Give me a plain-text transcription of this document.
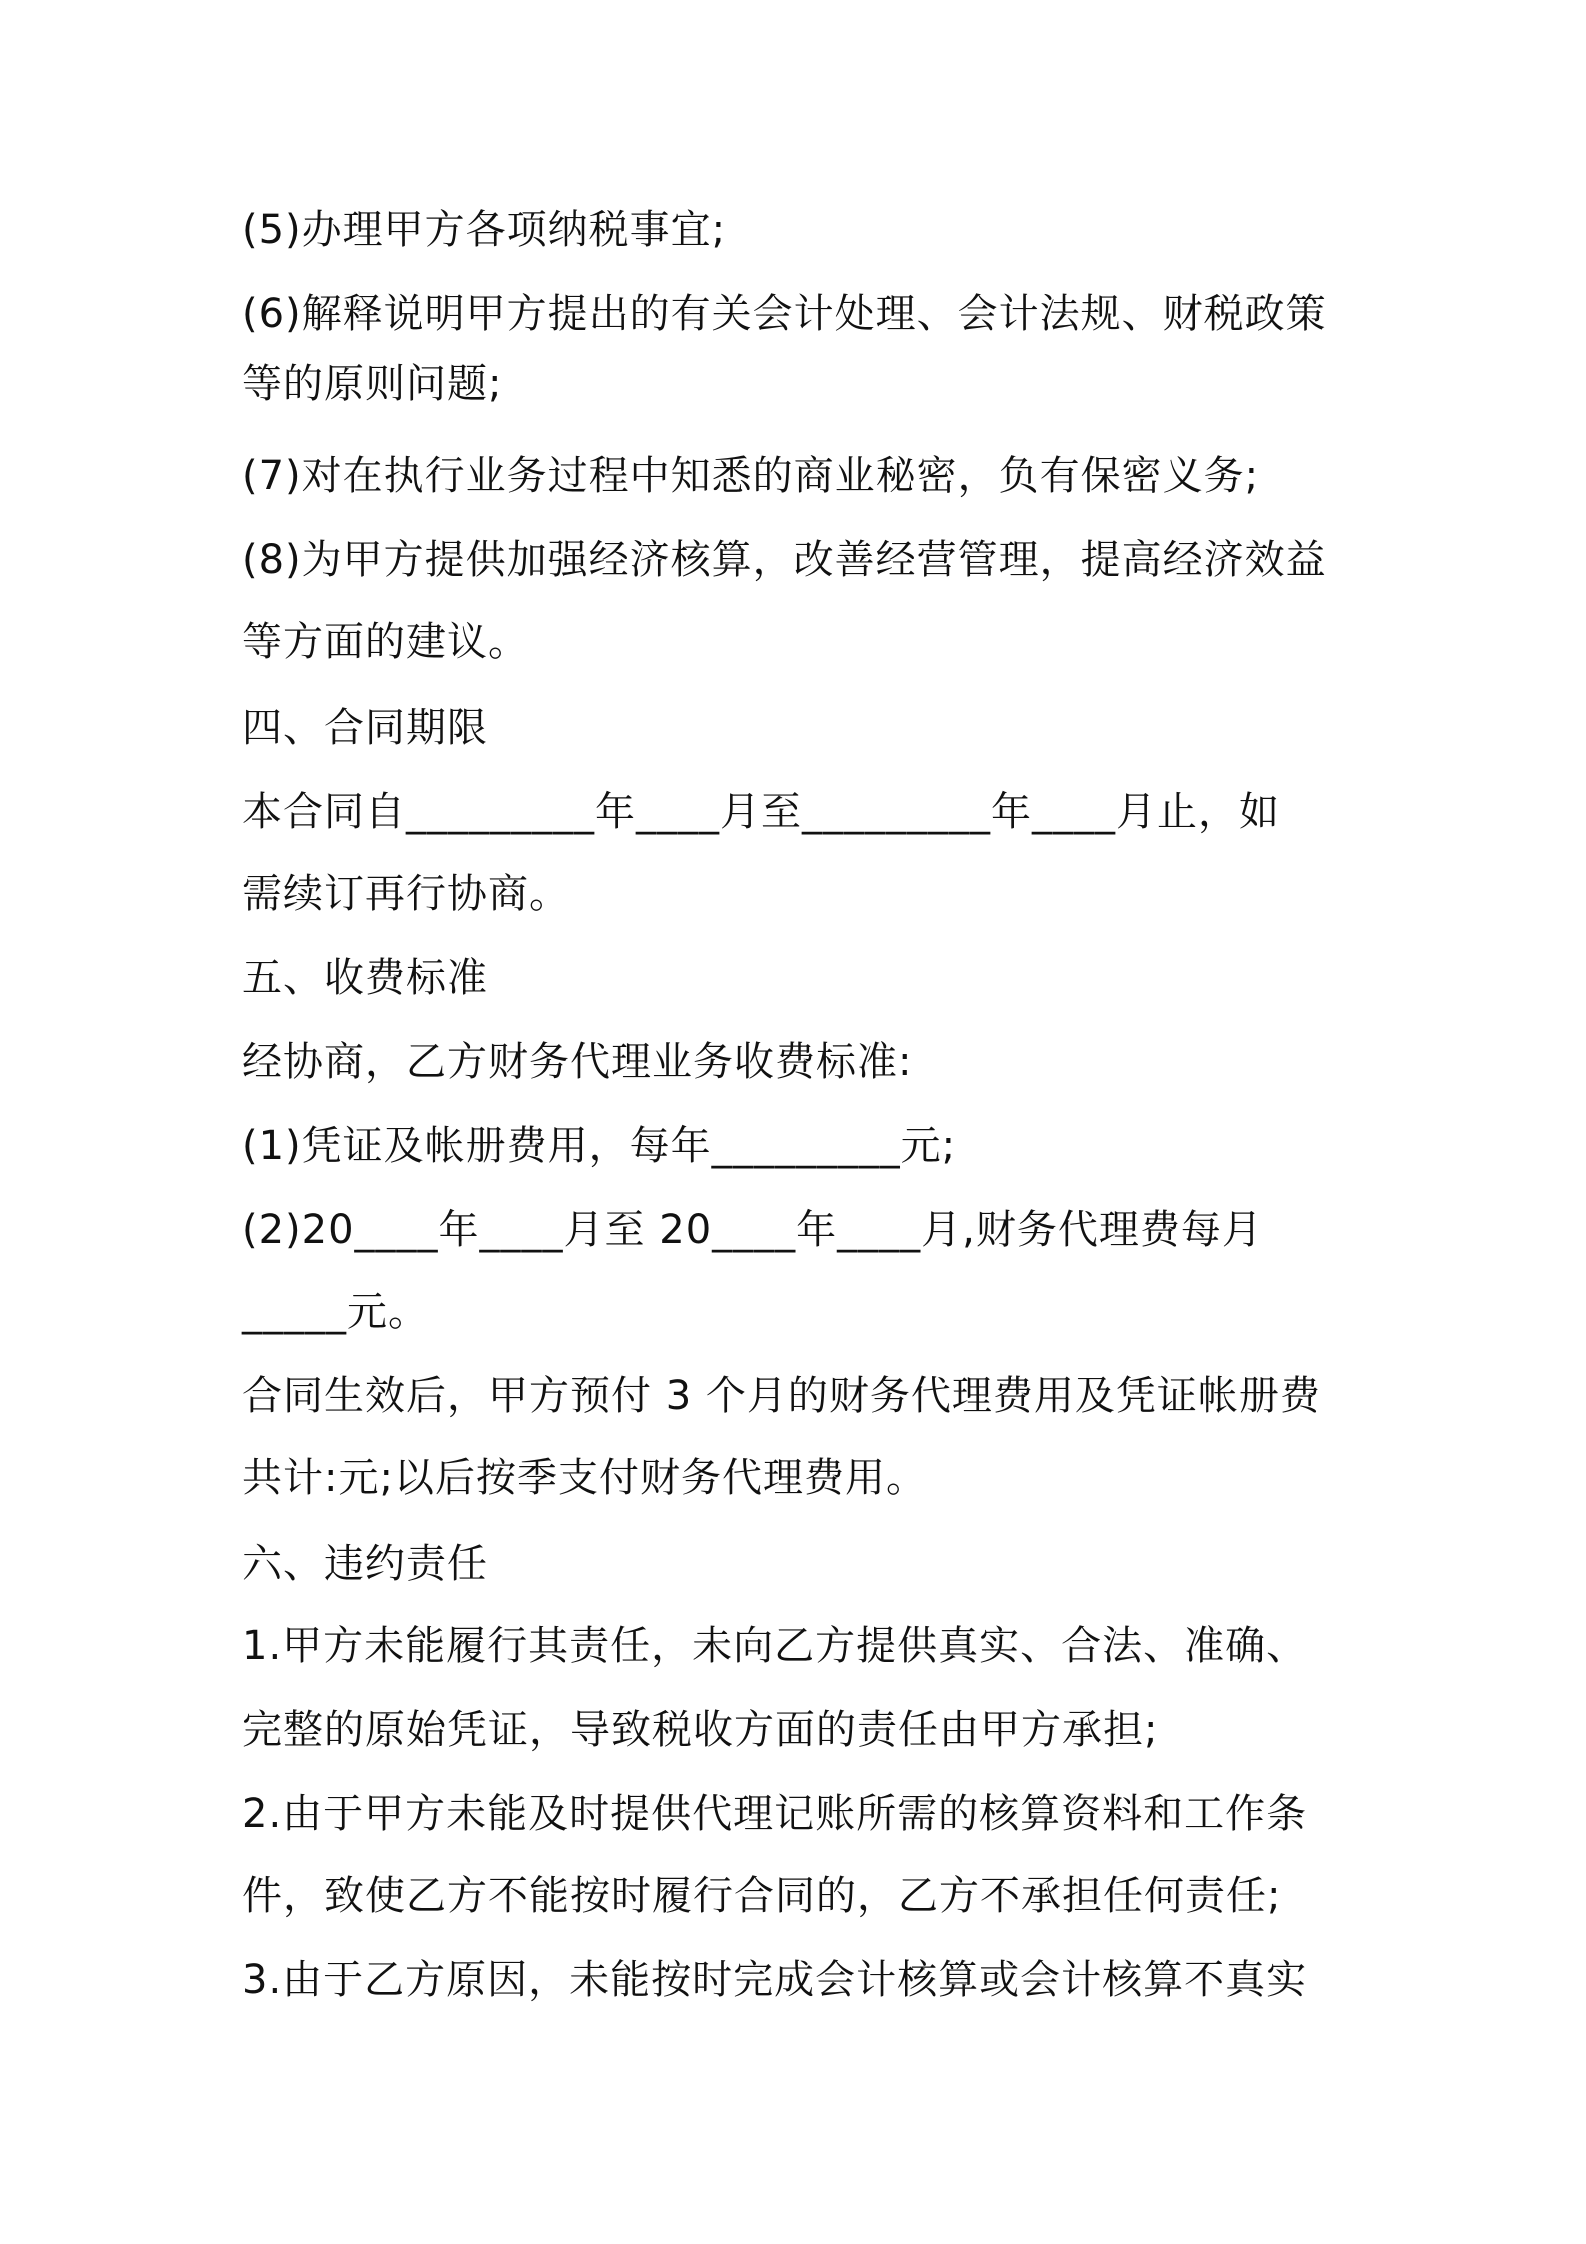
(5)办理甲方各项纳税事宜;
(6)解释说明甲方提出的有关会计处理、会计法规、财税政策
等的原则问题;
(7)对在执行业务过程中知悉的商业秘密，负有保密义务;
(8)为甲方提供加强经济核算，改善经营管理，提高经济效益
等方面的建议。
四、合同期限
本合同自_________年____月至_________年____月止，如
需续订再行协商。
五、收费标准
经协商，乙方财务代理业务收费标准:
(1)凭证及帐册费用，每年_________元;
(2)20____年____月至 20____年____月,财务代理费每月
_____元。
合同生效后，甲方预付 3 个月的财务代理费用及凭证帐册费
共计:元;以后按季支付财务代理费用。
六、违约责任
1.甲方未能履行其责任，未向乙方提供真实、合法、准确、
完整的原始凭证，导致税收方面的责任由甲方承担;
2.由于甲方未能及时提供代理记账所需的核算资料和工作条
件，致使乙方不能按时履行合同的，乙方不承担任何责任;
3.由于乙方原因，未能按时完成会计核算或会计核算不真实
